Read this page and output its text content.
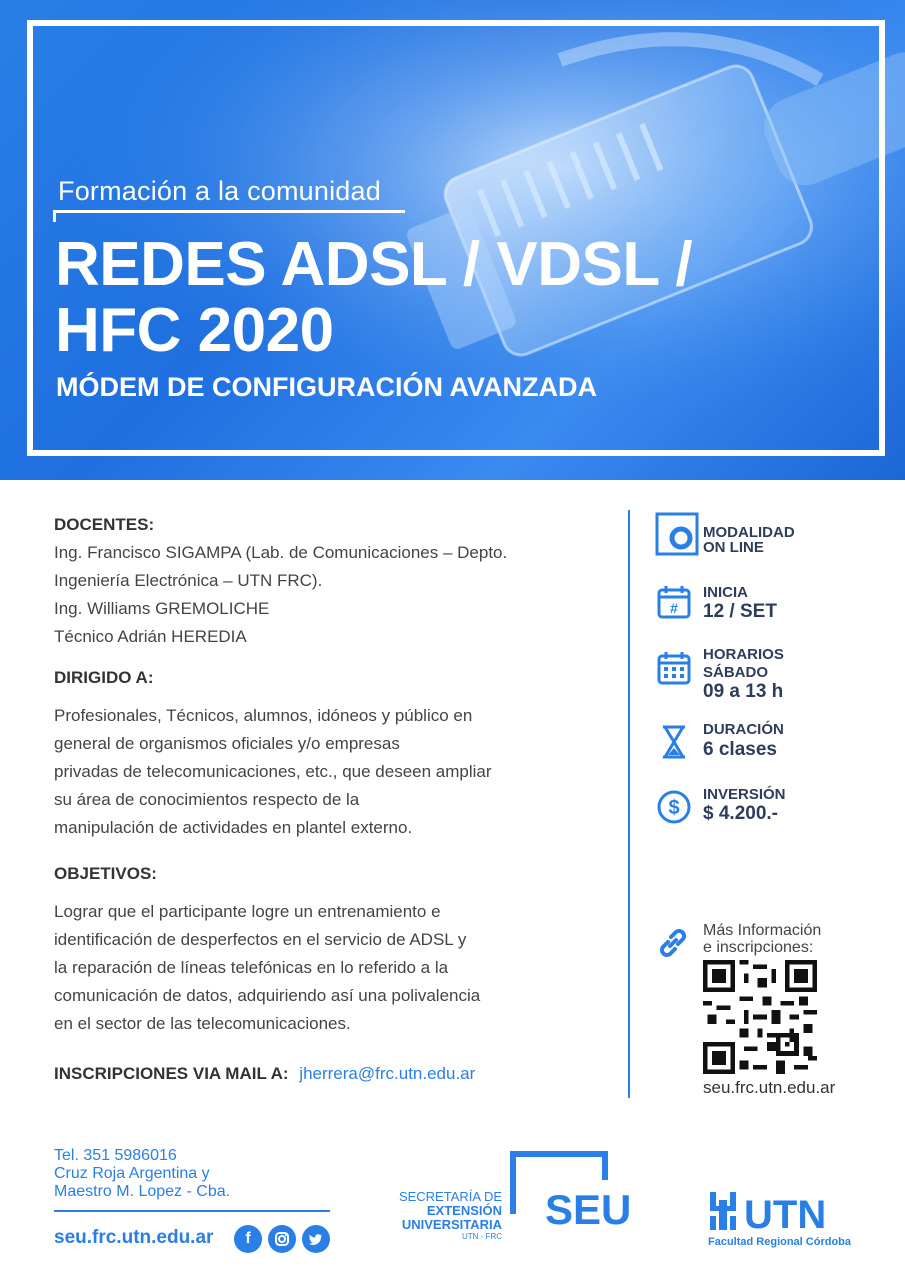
Formación a la comunidad
REDES ADSL / VDSL / HFC 2020
MÓDEM DE CONFIGURACIÓN AVANZADA
DOCENTES:
Ing. Francisco SIGAMPA (Lab. de Comunicaciones – Depto.
Ingeniería Electrónica – UTN FRC).
Ing. Williams GREMOLICHE
Técnico Adrián HEREDIA
DIRIGIDO A:
Profesionales, Técnicos, alumnos, idóneos y público en
general de organismos oficiales y/o empresas
privadas de telecomunicaciones, etc., que deseen ampliar
su área de conocimientos respecto de la
manipulación de actividades en plantel externo.
OBJETIVOS:
Lograr que el participante logre un entrenamiento e
identificación de desperfectos en el servicio de ADSL y
la reparación de líneas telefónicas en lo referido a la
comunicación de datos, adquiriendo así una polivalencia
en el sector de las telecomunicaciones.
INSCRIPCIONES VIA MAIL A: jherrera@frc.utn.edu.ar
MODALIDAD
ON LINE
#
INICIA
12 / SET
HORARIOS
SÁBADO
09 a 13 h
DURACIÓN
6 clases
$
INVERSIÓN
$ 4.200.-
Más Información
e inscripciones:
seu.frc.utn.edu.ar
Tel. 351 5986016
Cruz Roja Argentina y
Maestro M. Lopez - Cba.
seu.frc.utn.edu.ar	f
SECRETARÍA DE
EXTENSIÓN
UNIVERSITARIA
UTN - FRC
SEU	UTN
Facultad Regional Córdoba
